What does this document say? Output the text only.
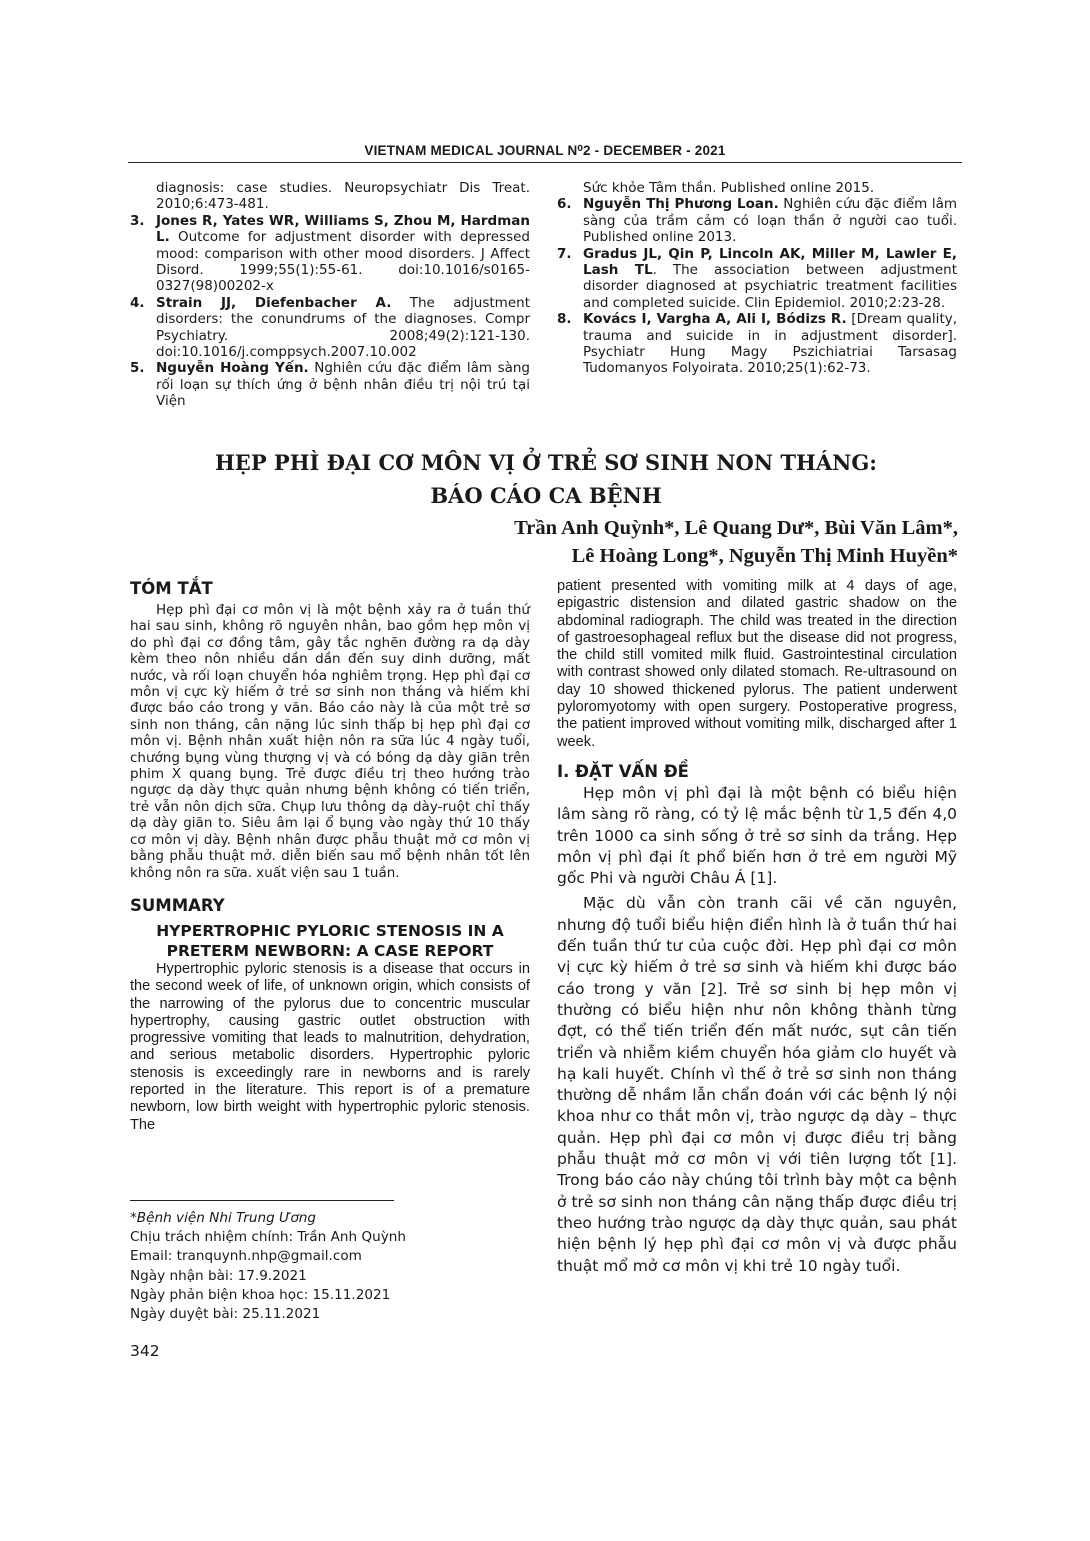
VIETNAM MEDICAL JOURNAL N⁰2 - DECEMBER - 2021
diagnosis: case studies. Neuropsychiatr Dis Treat. 2010;6:473-481.
3. Jones R, Yates WR, Williams S, Zhou M, Hardman L. Outcome for adjustment disorder with depressed mood: comparison with other mood disorders. J Affect Disord. 1999;55(1):55-61. doi:10.1016/s0165-0327(98)00202-x
4. Strain JJ, Diefenbacher A. The adjustment disorders: the conundrums of the diagnoses. Compr Psychiatry. 2008;49(2):121-130. doi:10.1016/j.comppsych.2007.10.002
5. Nguyễn Hoàng Yến. Nghiên cứu đặc điểm lâm sàng rối loạn sự thích ứng ở bệnh nhân điều trị nội trú tại Viện
Sức khỏe Tâm thần. Published online 2015.
6. Nguyễn Thị Phương Loan. Nghiên cứu đặc điểm lâm sàng của trầm cảm có loạn thần ở người cao tuổi. Published online 2013.
7. Gradus JL, Qin P, Lincoln AK, Miller M, Lawler E, Lash TL. The association between adjustment disorder diagnosed at psychiatric treatment facilities and completed suicide. Clin Epidemiol. 2010;2:23-28.
8. Kovács I, Vargha A, Ali I, Bódizs R. [Dream quality, trauma and suicide in in adjustment disorder]. Psychiatr Hung Magy Pszichiatriai Tarsasag Tudomanyos Folyoirata. 2010;25(1):62-73.
HẸP PHÌ ĐẠI CƠ MÔN VỊ Ở TRẺ SƠ SINH NON THÁNG:
BÁO CÁO CA BỆNH
Trần Anh Quỳnh*, Lê Quang Dư*, Bùi Văn Lâm*,
Lê Hoàng Long*, Nguyễn Thị Minh Huyền*
TÓM TẮT

Hẹp phì đại cơ môn vị là một bệnh xảy ra ở tuần thứ hai sau sinh, không rõ nguyên nhân, bao gồm hẹp môn vị do phì đại cơ đồng tâm, gây tắc nghẽn đường ra dạ dày kèm theo nôn nhiều dần dần đến suy dinh dưỡng, mất nước, và rối loạn chuyển hóa nghiêm trọng. Hẹp phì đại cơ môn vị cực kỳ hiếm ở trẻ sơ sinh non tháng và hiếm khi được báo cáo trong y văn. Báo cáo này là của một trẻ sơ sinh non tháng, cân nặng lúc sinh thấp bị hẹp phì đại cơ môn vị. Bệnh nhân xuất hiện nôn ra sữa lúc 4 ngày tuổi, chướng bụng vùng thượng vị và có bóng dạ dày giãn trên phim X quang bụng. Trẻ được điều trị theo hướng trào ngược dạ dày thực quản nhưng bệnh không có tiến triển, trẻ vẫn nôn dịch sữa. Chụp lưu thông dạ dày-ruột chỉ thấy dạ dày giãn to. Siêu âm lại ổ bụng vào ngày thứ 10 thấy cơ môn vị dày. Bệnh nhân được phẫu thuật mở cơ môn vị bằng phẫu thuật mở. diễn biến sau mổ bệnh nhân tốt lên không nôn ra sữa. xuất viện sau 1 tuần.

SUMMARY
HYPERTROPHIC PYLORIC STENOSIS IN A PRETERM NEWBORN: A CASE REPORT

Hypertrophic pyloric stenosis is a disease that occurs in the second week of life, of unknown origin, which consists of the narrowing of the pylorus due to concentric muscular hypertrophy, causing gastric outlet obstruction with progressive vomiting that leads to malnutrition, dehydration, and serious metabolic disorders. Hypertrophic pyloric stenosis is exceedingly rare in newborns and is rarely reported in the literature. This report is of a premature newborn, low birth weight with hypertrophic pyloric stenosis. The

patient presented with vomiting milk at 4 days of age, epigastric distension and dilated gastric shadow on the abdominal radiograph. The child was treated in the direction of gastroesophageal reflux but the disease did not progress, the child still vomited milk fluid. Gastrointestinal circulation with contrast showed only dilated stomach. Re-ultrasound on day 10 showed thickened pylorus. The patient underwent pyloromyotomy with open surgery. Postoperative progress, the patient improved without vomiting milk, discharged after 1 week.

I. ĐẶT VẤN ĐỀ

Hẹp môn vị phì đại là một bệnh có biểu hiện lâm sàng rõ ràng, có tỷ lệ mắc bệnh từ 1,5 đến 4,0 trên 1000 ca sinh sống ở trẻ sơ sinh da trắng. Hẹp môn vị phì đại ít phổ biến hơn ở trẻ em người Mỹ gốc Phi và người Châu Á [1].

Mặc dù vẫn còn tranh cãi về căn nguyên, nhưng độ tuổi biểu hiện điển hình là ở tuần thứ hai đến tuần thứ tư của cuộc đời. Hẹp phì đại cơ môn vị cực kỳ hiếm ở trẻ sơ sinh và hiếm khi được báo cáo trong y văn [2]. Trẻ sơ sinh bị hẹp môn vị thường có biểu hiện như nôn không thành từng đợt, có thể tiến triển đến mất nước, sụt cân tiến triển và nhiễm kiềm chuyển hóa giảm clo huyết và hạ kali huyết. Chính vì thế ở trẻ sơ sinh non tháng thường dễ nhầm lẫn chẩn đoán với các bệnh lý nội khoa như co thắt môn vị, trào ngược dạ dày – thực quản. Hẹp phì đại cơ môn vị được điều trị bằng phẫu thuật mở cơ môn vị với tiên lượng tốt [1]. Trong báo cáo này chúng tôi trình bày một ca bệnh ở trẻ sơ sinh non tháng cân nặng thấp được điều trị theo hướng trào ngược dạ dày thực quản, sau phát hiện bệnh lý hẹp phì đại cơ môn vị và được phẫu thuật mổ mở cơ môn vị khi trẻ 10 ngày tuổi.

*Bệnh viện Nhi Trung Ương
Chịu trách nhiệm chính: Trần Anh Quỳnh
Email: tranquynh.nhp@gmail.com
Ngày nhận bài: 17.9.2021
Ngày phản biện khoa học: 15.11.2021
Ngày duyệt bài: 25.11.2021
342
